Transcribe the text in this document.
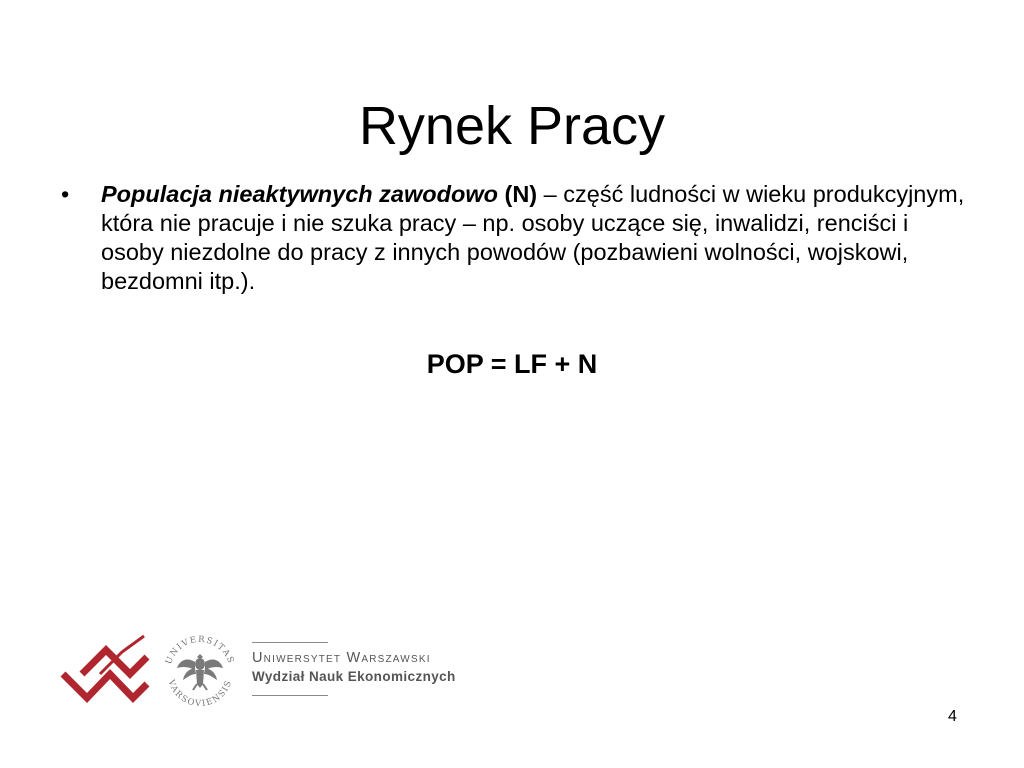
Rynek Pracy
•	Populacja nieaktywnych zawodowo (N) – część ludności w wieku produkcyjnym, która nie pracuje i nie szuka pracy – np. osoby uczące się, inwalidzi, renciści i osoby niezdolne do pracy z innych powodów (pozbawieni wolności, wojskowi, bezdomni itp.).
POP = LF + N
UNIVERSITAS
VARSOVIENSIS
Uniwersytet Warszawski
Wydział Nauk Ekonomicznych
4
